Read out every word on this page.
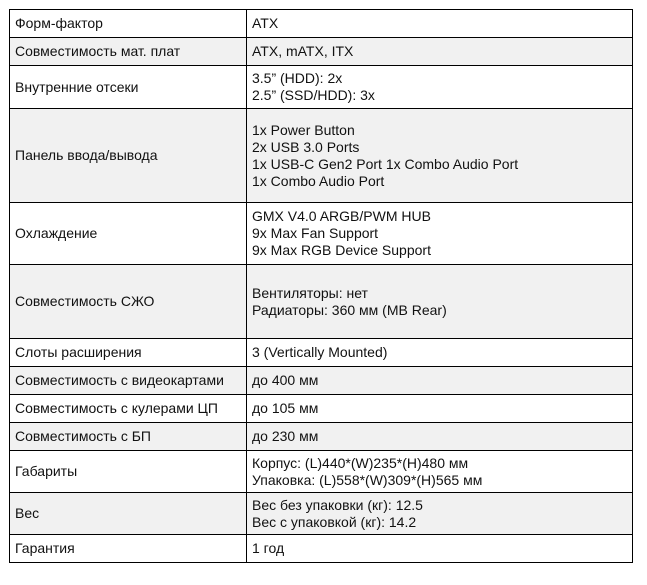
Форм-фактор	ATX

Совместимость мат. плат	ATX, mATX, ITX

Внутренние отсеки	3.5” (HDD): 2x
2.5” (SSD/HDD): 3x

Панель ввода/вывода	1x Power Button
2x USB 3.0 Ports
1x USB-C Gen2 Port 1x Combo Audio Port
1x Combo Audio Port

Охлаждение	GMX V4.0 ARGB/PWM HUB
9x Max Fan Support
9x Max RGB Device Support

Совместимость СЖО	Вентиляторы: нет
Радиаторы: 360 мм (MB Rear)

Слоты расширения	3 (Vertically Mounted)

Совместимость с видеокартами	до 400 мм

Совместимость с кулерами ЦП	до 105 мм

Совместимость с БП	до 230 мм

Габариты	Корпус: (L)440*(W)235*(H)480 мм
Упаковка: (L)558*(W)309*(H)565 мм

Вес	Вес без упаковки (кг): 12.5
Вес с упаковкой (кг): 14.2

Гарантия	1 год
